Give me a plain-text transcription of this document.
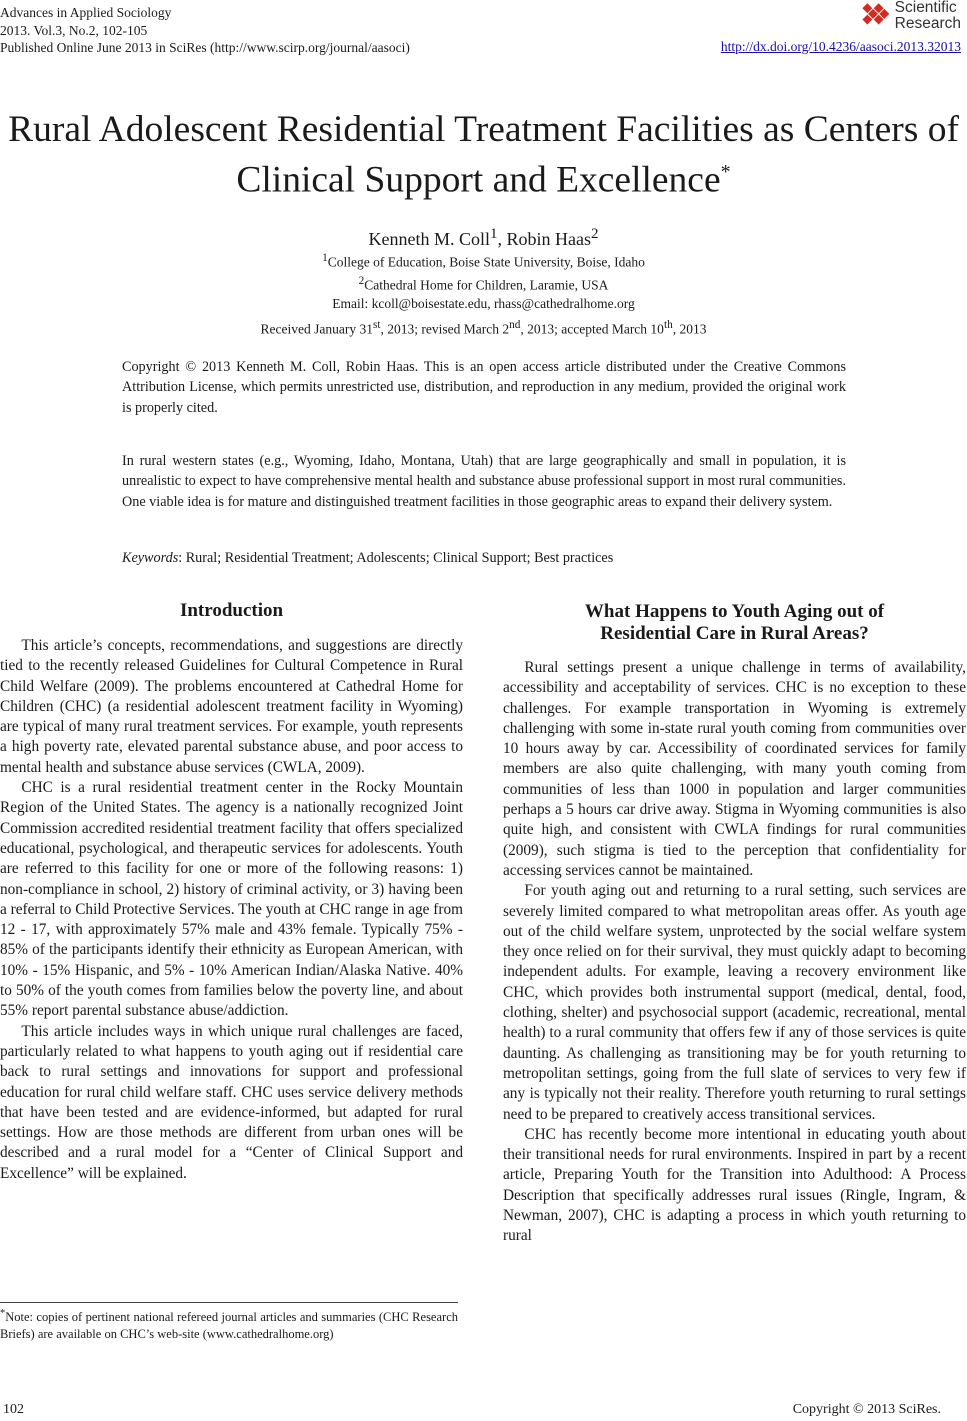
Advances in Applied Sociology
2013. Vol.3, No.2, 102-105
Published Online June 2013 in SciRes (http://www.scirp.org/journal/aasoci)	http://dx.doi.org/10.4236/aasoci.2013.32013
Scientific
Research
Rural Adolescent Residential Treatment Facilities as Centers of
Clinical Support and Excellence*
Kenneth M. Coll$^1$, Robin Haas$^2$
$^1$College of Education, Boise State University, Boise, Idaho
$^2$Cathedral Home for Children, Laramie, USA
Email: kcoll@boisestate.edu, rhass@cathedralhome.org
Received January 31st, 2013; revised March 2nd, 2013; accepted March 10th, 2013
Copyright © 2013 Kenneth M. Coll, Robin Haas. This is an open access article distributed under the Creative Commons Attribution License, which permits unrestricted use, distribution, and reproduction in any medium, provided the original work is properly cited.
In rural western states (e.g., Wyoming, Idaho, Montana, Utah) that are large geographically and small in population, it is unrealistic to expect to have comprehensive mental health and substance abuse professional support in most rural communities. One viable idea is for mature and distinguished treatment facilities in those geographic areas to expand their delivery system.
Keywords: Rural; Residential Treatment; Adolescents; Clinical Support; Best practices
Introduction	What Happens to Youth Aging out of
Residential Care in Rural Areas?

This article’s concepts, recommendations, and suggestions are directly tied to the recently released Guidelines for Cultural Competence in Rural Child Welfare (2009). The problems encountered at Cathedral Home for Children (CHC) (a residential adolescent treatment facility in Wyoming) are typical of many rural treatment services. For example, youth represents a high poverty rate, elevated parental substance abuse, and poor access to mental health and substance abuse services (CWLA, 2009).

CHC is a rural residential treatment center in the Rocky Mountain Region of the United States. The agency is a nationally recognized Joint Commission accredited residential treatment facility that offers specialized educational, psychological, and therapeutic services for adolescents. Youth are referred to this facility for one or more of the following reasons: 1) non-compliance in school, 2) history of criminal activity, or 3) having been a referral to Child Protective Services. The youth at CHC range in age from 12 - 17, with approximately 57% male and 43% female. Typically 75% - 85% of the participants identify their ethnicity as European American, with 10% - 15% Hispanic, and 5% - 10% American Indian/Alaska Native. 40% to 50% of the youth comes from families below the poverty line, and about 55% report parental substance abuse/addiction.

This article includes ways in which unique rural challenges are faced, particularly related to what happens to youth aging out if residential care back to rural settings and innovations for support and professional education for rural child welfare staff. CHC uses service delivery methods that have been tested and are evidence-informed, but adapted for rural settings. How are those methods are different from urban ones will be described and a rural model for a “Center of Clinical Support and Excellence” will be explained.

*Note: copies of pertinent national refereed journal articles and summaries (CHC Research Briefs) are available on CHC’s web-site (www.cathedralhome.org)

Rural settings present a unique challenge in terms of availability, accessibility and acceptability of services. CHC is no exception to these challenges. For example transportation in Wyoming is extremely challenging with some in-state rural youth coming from communities over 10 hours away by car. Accessibility of coordinated services for family members are also quite challenging, with many youth coming from communities of less than 1000 in population and larger communities perhaps a 5 hours car drive away. Stigma in Wyoming communities is also quite high, and consistent with CWLA findings for rural communities (2009), such stigma is tied to the perception that confidentiality for accessing services cannot be maintained.

For youth aging out and returning to a rural setting, such services are severely limited compared to what metropolitan areas offer. As youth age out of the child welfare system, unprotected by the social welfare system they once relied on for their survival, they must quickly adapt to becoming independent adults. For example, leaving a recovery environment like CHC, which provides both instrumental support (medical, dental, food, clothing, shelter) and psychosocial support (academic, recreational, mental health) to a rural community that offers few if any of those services is quite daunting. As challenging as transitioning may be for youth returning to metropolitan settings, going from the full slate of services to very few if any is typically not their reality. Therefore youth returning to rural settings need to be prepared to creatively access transitional services.

CHC has recently become more intentional in educating youth about their transitional needs for rural environments. Inspired in part by a recent article, Preparing Youth for the Transition into Adulthood: A Process Description that specifically addresses rural issues (Ringle, Ingram, & Newman, 2007), CHC is adapting a process in which youth returning to rural

102	Copyright © 2013 SciRes.
